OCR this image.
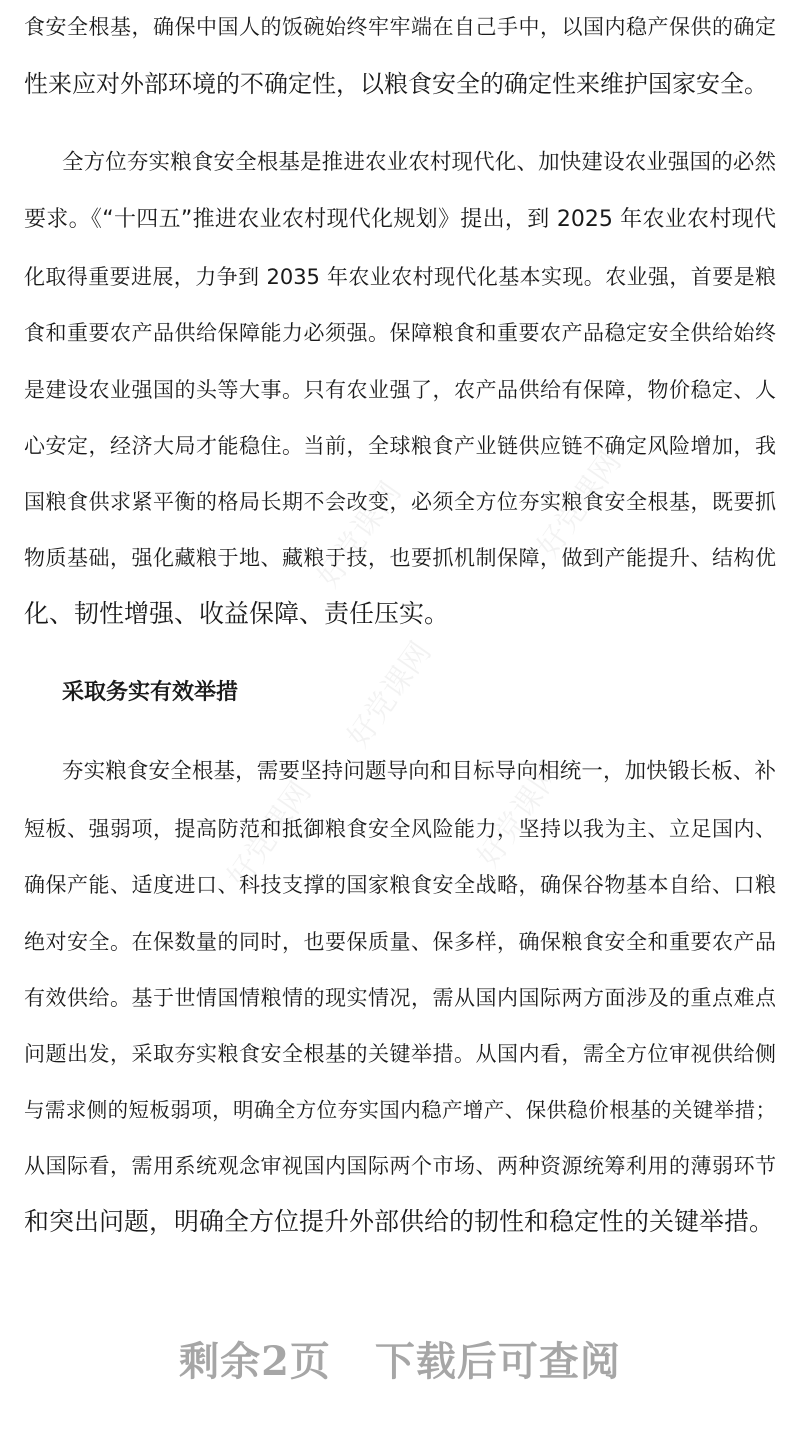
好党课网	好党课网
好党课网
好党课网	好党课网
食安全根基，确保中国人的饭碗始终牢牢端在自己手中，以国内稳产保供的确定
性来应对外部环境的不确定性，以粮食安全的确定性来维护国家安全。
全方位夯实粮食安全根基是推进农业农村现代化、加快建设农业强国的必然
要求。《“十四五”推进农业农村现代化规划》提出，到 2025 年农业农村现代
化取得重要进展，力争到 2035 年农业农村现代化基本实现。农业强，首要是粮
食和重要农产品供给保障能力必须强。保障粮食和重要农产品稳定安全供给始终
是建设农业强国的头等大事。只有农业强了，农产品供给有保障，物价稳定、人
心安定，经济大局才能稳住。当前，全球粮食产业链供应链不确定风险增加，我
国粮食供求紧平衡的格局长期不会改变，必须全方位夯实粮食安全根基，既要抓
物质基础，强化藏粮于地、藏粮于技，也要抓机制保障，做到产能提升、结构优
化、韧性增强、收益保障、责任压实。
采取务实有效举措
夯实粮食安全根基，需要坚持问题导向和目标导向相统一，加快锻长板、补
短板、强弱项，提高防范和抵御粮食安全风险能力，坚持以我为主、立足国内、
确保产能、适度进口、科技支撑的国家粮食安全战略，确保谷物基本自给、口粮
绝对安全。在保数量的同时，也要保质量、保多样，确保粮食安全和重要农产品
有效供给。基于世情国情粮情的现实情况，需从国内国际两方面涉及的重点难点
问题出发，采取夯实粮食安全根基的关键举措。从国内看，需全方位审视供给侧
与需求侧的短板弱项，明确全方位夯实国内稳产增产、保供稳价根基的关键举措；
从国际看，需用系统观念审视国内国际两个市场、两种资源统筹利用的薄弱环节
和突出问题，明确全方位提升外部供给的韧性和稳定性的关键举措。
剩余2页 下载后可查阅
